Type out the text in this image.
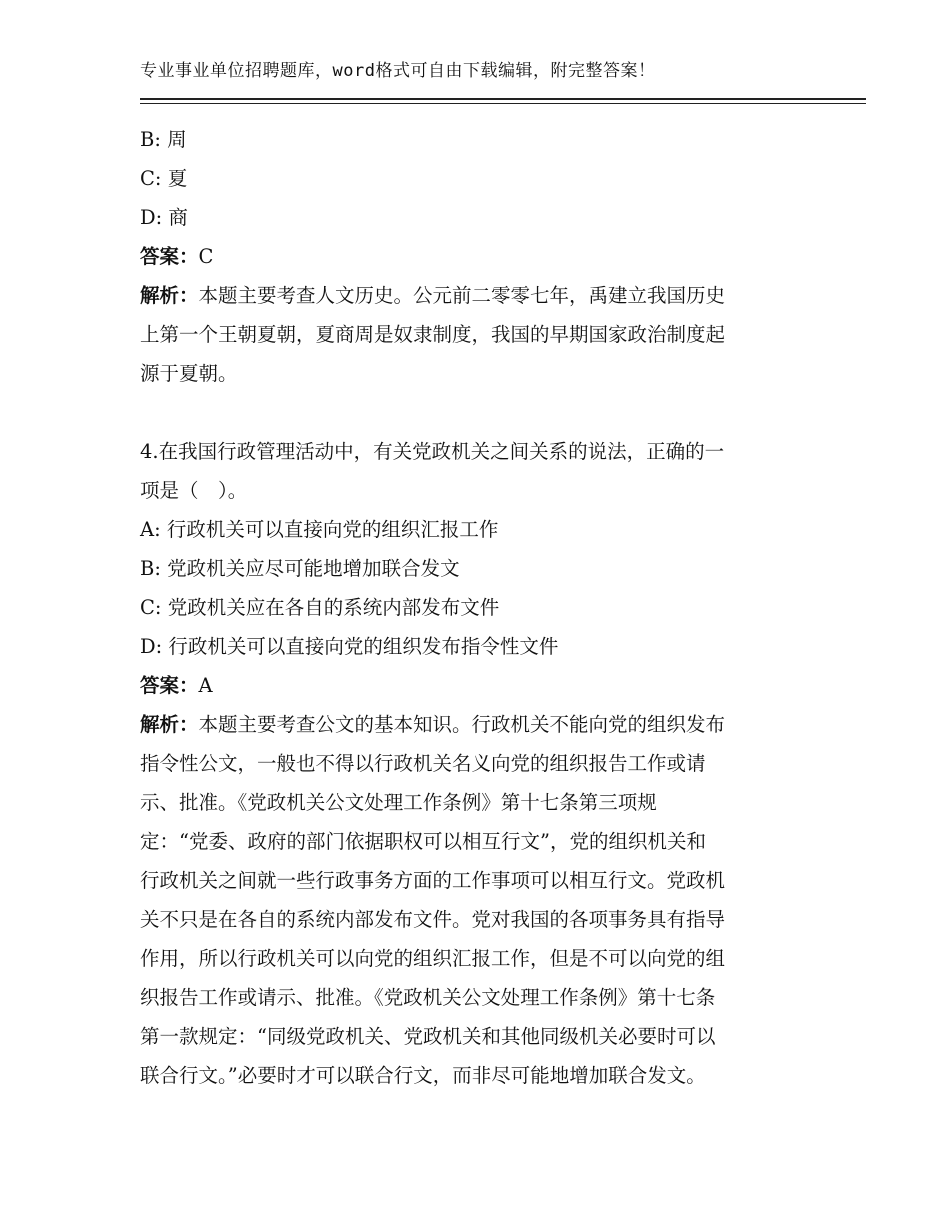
专业事业单位招聘题库，word格式可自由下载编辑，附完整答案！
B: 周
C: 夏
D: 商
答案：C
解析：本题主要考查人文历史。公元前二零零七年，禹建立我国历史
上第一个王朝夏朝，夏商周是奴隶制度，我国的早期国家政治制度起
源于夏朝。
4.在我国行政管理活动中，有关党政机关之间关系的说法，正确的一
项是（　）。
A: 行政机关可以直接向党的组织汇报工作
B: 党政机关应尽可能地增加联合发文
C: 党政机关应在各自的系统内部发布文件
D: 行政机关可以直接向党的组织发布指令性文件
答案：A
解析：本题主要考查公文的基本知识。行政机关不能向党的组织发布
指令性公文，一般也不得以行政机关名义向党的组织报告工作或请
示、批准。《党政机关公文处理工作条例》第十七条第三项规
定：“党委、政府的部门依据职权可以相互行文”，党的组织机关和
行政机关之间就一些行政事务方面的工作事项可以相互行文。党政机
关不只是在各自的系统内部发布文件。党对我国的各项事务具有指导
作用，所以行政机关可以向党的组织汇报工作，但是不可以向党的组
织报告工作或请示、批准。《党政机关公文处理工作条例》第十七条
第一款规定：“同级党政机关、党政机关和其他同级机关必要时可以
联合行文。”必要时才可以联合行文，而非尽可能地增加联合发文。
